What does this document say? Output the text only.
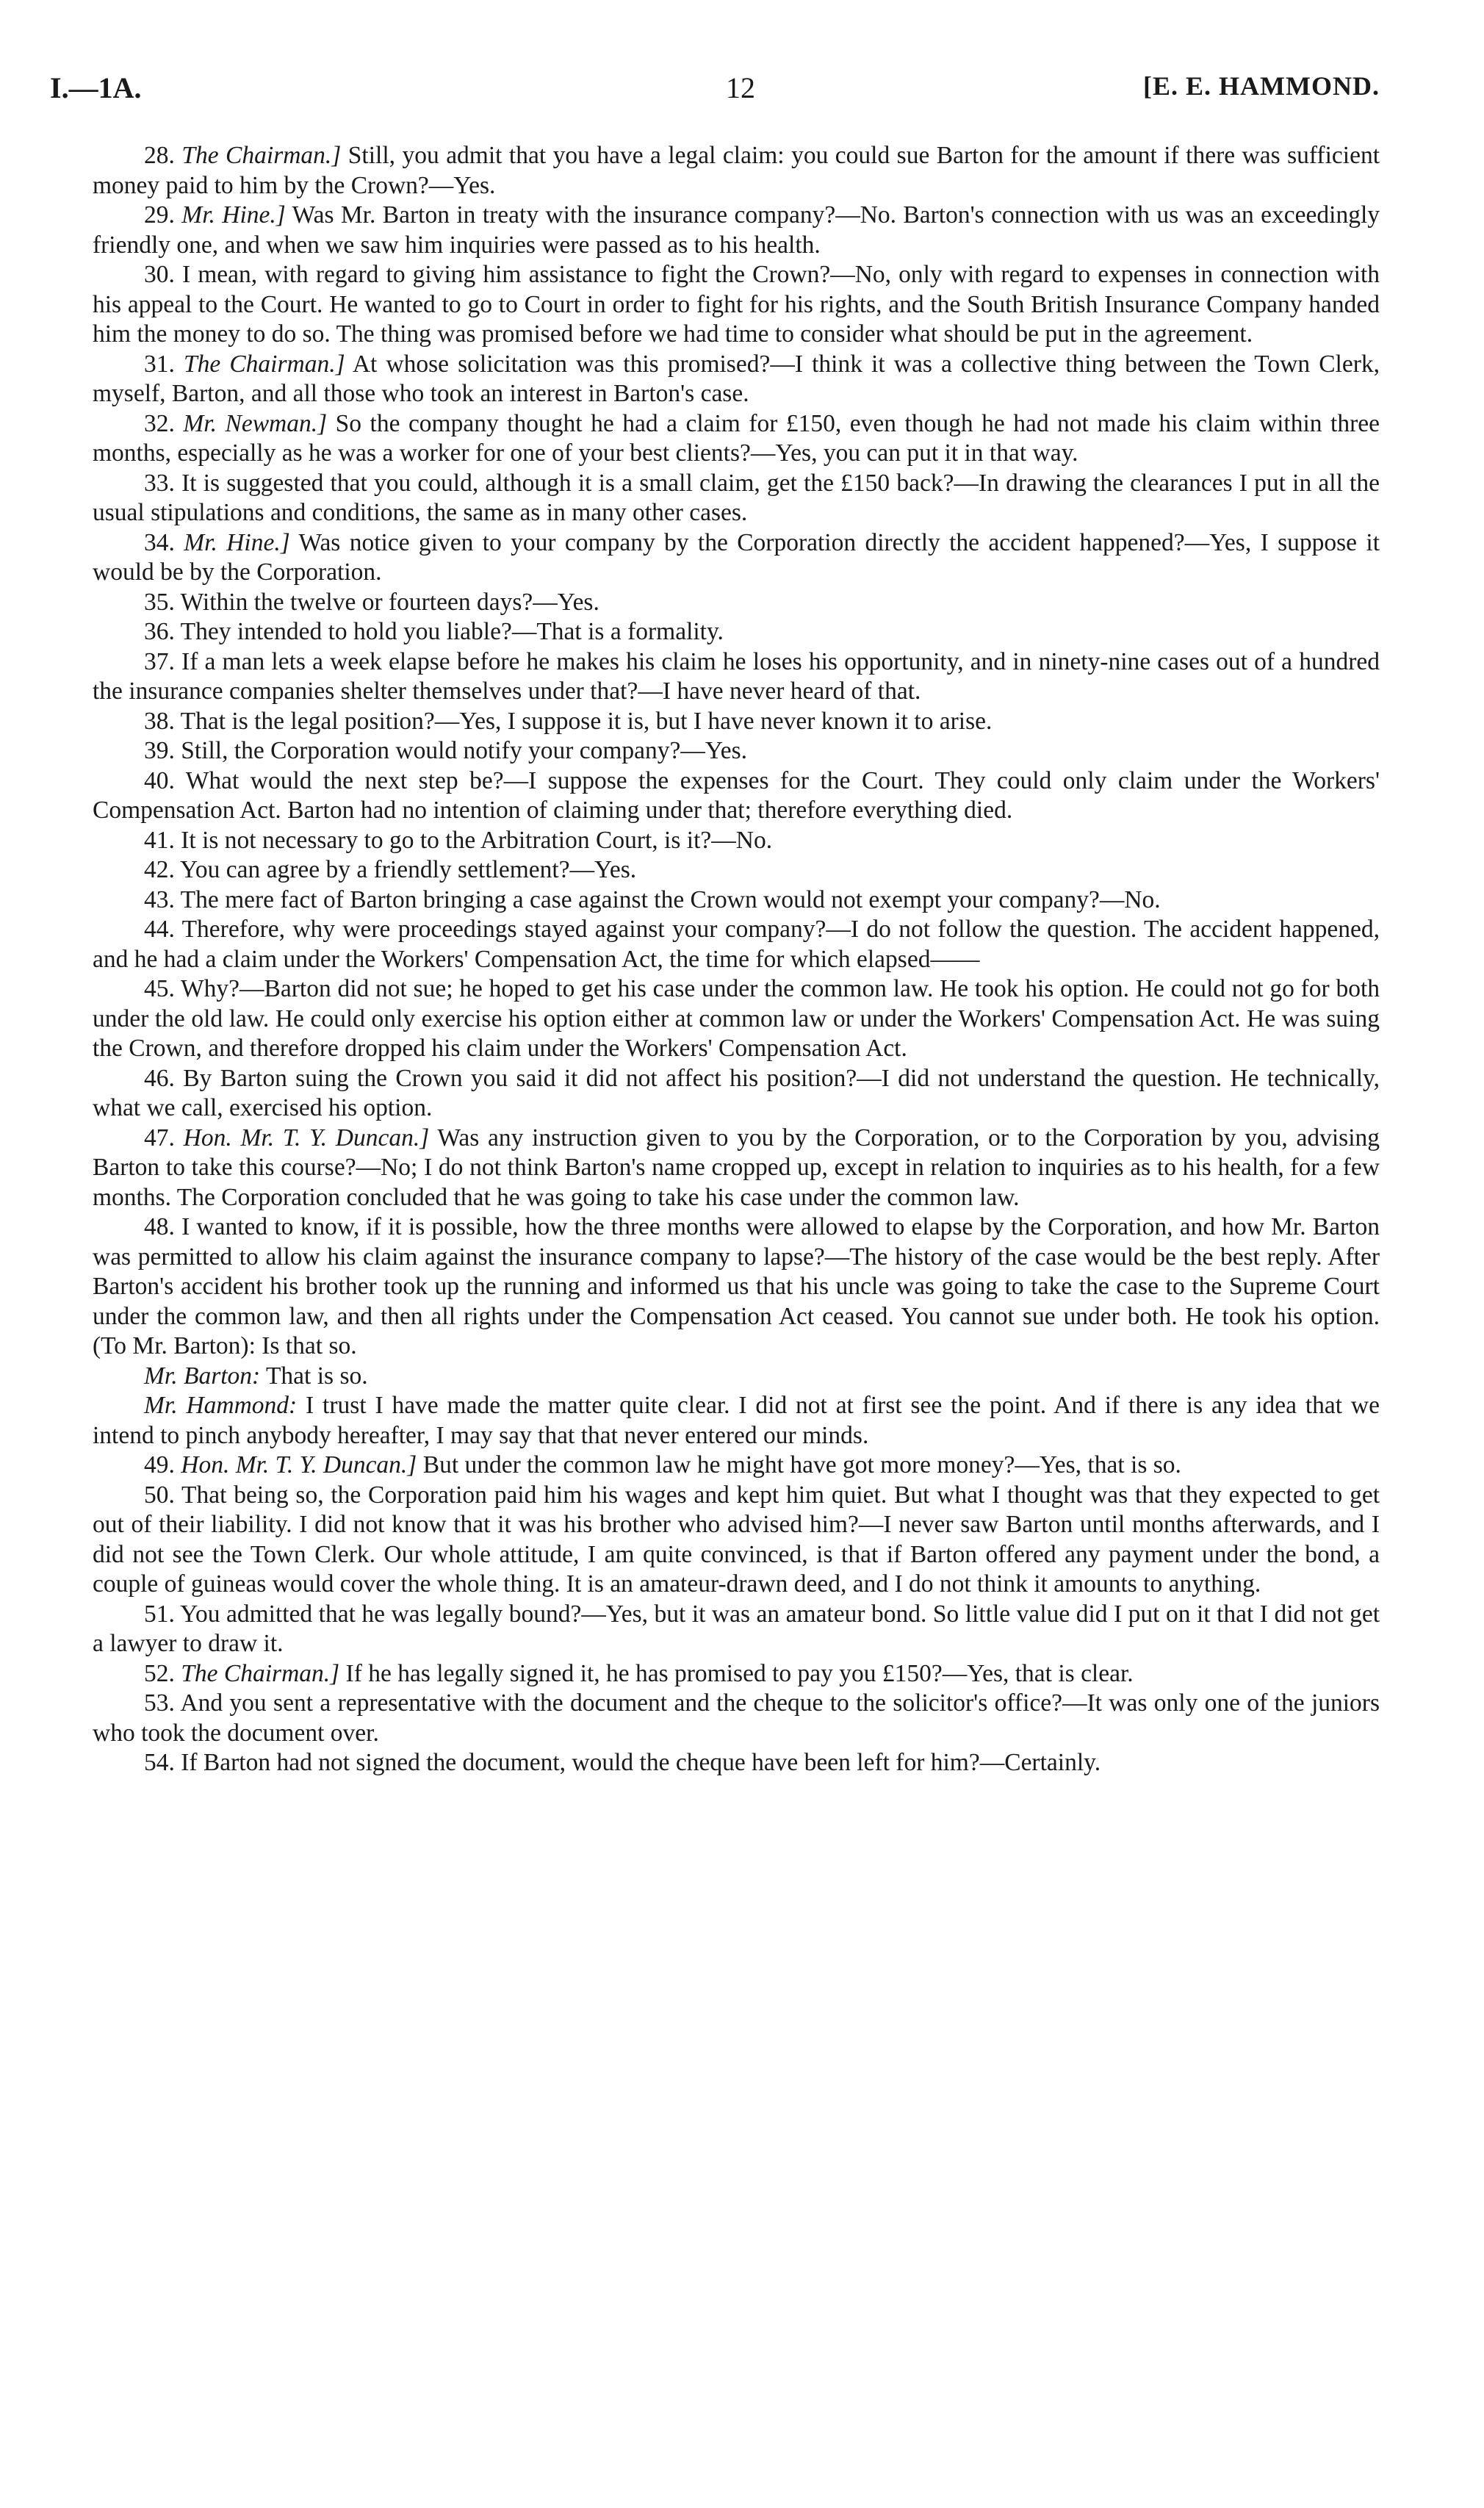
I.—1A.	12	[E. E. HAMMOND.

28. The Chairman.] Still, you admit that you have a legal claim: you could sue Barton for the amount if there was sufficient money paid to him by the Crown?—Yes.

29. Mr. Hine.] Was Mr. Barton in treaty with the insurance company?—No. Barton's connection with us was an exceedingly friendly one, and when we saw him inquiries were passed as to his health.

30. I mean, with regard to giving him assistance to fight the Crown?—No, only with regard to expenses in connection with his appeal to the Court. He wanted to go to Court in order to fight for his rights, and the South British Insurance Company handed him the money to do so. The thing was promised before we had time to consider what should be put in the agreement.

31. The Chairman.] At whose solicitation was this promised?—I think it was a collective thing between the Town Clerk, myself, Barton, and all those who took an interest in Barton's case.

32. Mr. Newman.] So the company thought he had a claim for £150, even though he had not made his claim within three months, especially as he was a worker for one of your best clients?—Yes, you can put it in that way.

33. It is suggested that you could, although it is a small claim, get the £150 back?—In drawing the clearances I put in all the usual stipulations and conditions, the same as in many other cases.

34. Mr. Hine.] Was notice given to your company by the Corporation directly the accident happened?—Yes, I suppose it would be by the Corporation.

35. Within the twelve or fourteen days?—Yes.

36. They intended to hold you liable?—That is a formality.

37. If a man lets a week elapse before he makes his claim he loses his opportunity, and in ninety-nine cases out of a hundred the insurance companies shelter themselves under that?—I have never heard of that.

38. That is the legal position?—Yes, I suppose it is, but I have never known it to arise.

39. Still, the Corporation would notify your company?—Yes.

40. What would the next step be?—I suppose the expenses for the Court. They could only claim under the Workers' Compensation Act. Barton had no intention of claiming under that; therefore everything died.

41. It is not necessary to go to the Arbitration Court, is it?—No.

42. You can agree by a friendly settlement?—Yes.

43. The mere fact of Barton bringing a case against the Crown would not exempt your company?—No.

44. Therefore, why were proceedings stayed against your company?—I do not follow the question. The accident happened, and he had a claim under the Workers' Compensation Act, the time for which elapsed——

45. Why?—Barton did not sue; he hoped to get his case under the common law. He took his option. He could not go for both under the old law. He could only exercise his option either at common law or under the Workers' Compensation Act. He was suing the Crown, and therefore dropped his claim under the Workers' Compensation Act.

46. By Barton suing the Crown you said it did not affect his position?—I did not understand the question. He technically, what we call, exercised his option.

47. Hon. Mr. T. Y. Duncan.] Was any instruction given to you by the Corporation, or to the Corporation by you, advising Barton to take this course?—No; I do not think Barton's name cropped up, except in relation to inquiries as to his health, for a few months. The Corporation concluded that he was going to take his case under the common law.

48. I wanted to know, if it is possible, how the three months were allowed to elapse by the Corporation, and how Mr. Barton was permitted to allow his claim against the insurance company to lapse?—The history of the case would be the best reply. After Barton's accident his brother took up the running and informed us that his uncle was going to take the case to the Supreme Court under the common law, and then all rights under the Compensation Act ceased. You cannot sue under both. He took his option. (To Mr. Barton): Is that so.

Mr. Barton: That is so.

Mr. Hammond: I trust I have made the matter quite clear. I did not at first see the point. And if there is any idea that we intend to pinch anybody hereafter, I may say that that never entered our minds.

49. Hon. Mr. T. Y. Duncan.] But under the common law he might have got more money?—Yes, that is so.

50. That being so, the Corporation paid him his wages and kept him quiet. But what I thought was that they expected to get out of their liability. I did not know that it was his brother who advised him?—I never saw Barton until months afterwards, and I did not see the Town Clerk. Our whole attitude, I am quite convinced, is that if Barton offered any payment under the bond, a couple of guineas would cover the whole thing. It is an amateur-drawn deed, and I do not think it amounts to anything.

51. You admitted that he was legally bound?—Yes, but it was an amateur bond. So little value did I put on it that I did not get a lawyer to draw it.

52. The Chairman.] If he has legally signed it, he has promised to pay you £150?—Yes, that is clear.

53. And you sent a representative with the document and the cheque to the solicitor's office?—It was only one of the juniors who took the document over.

54. If Barton had not signed the document, would the cheque have been left for him?—Certainly.
